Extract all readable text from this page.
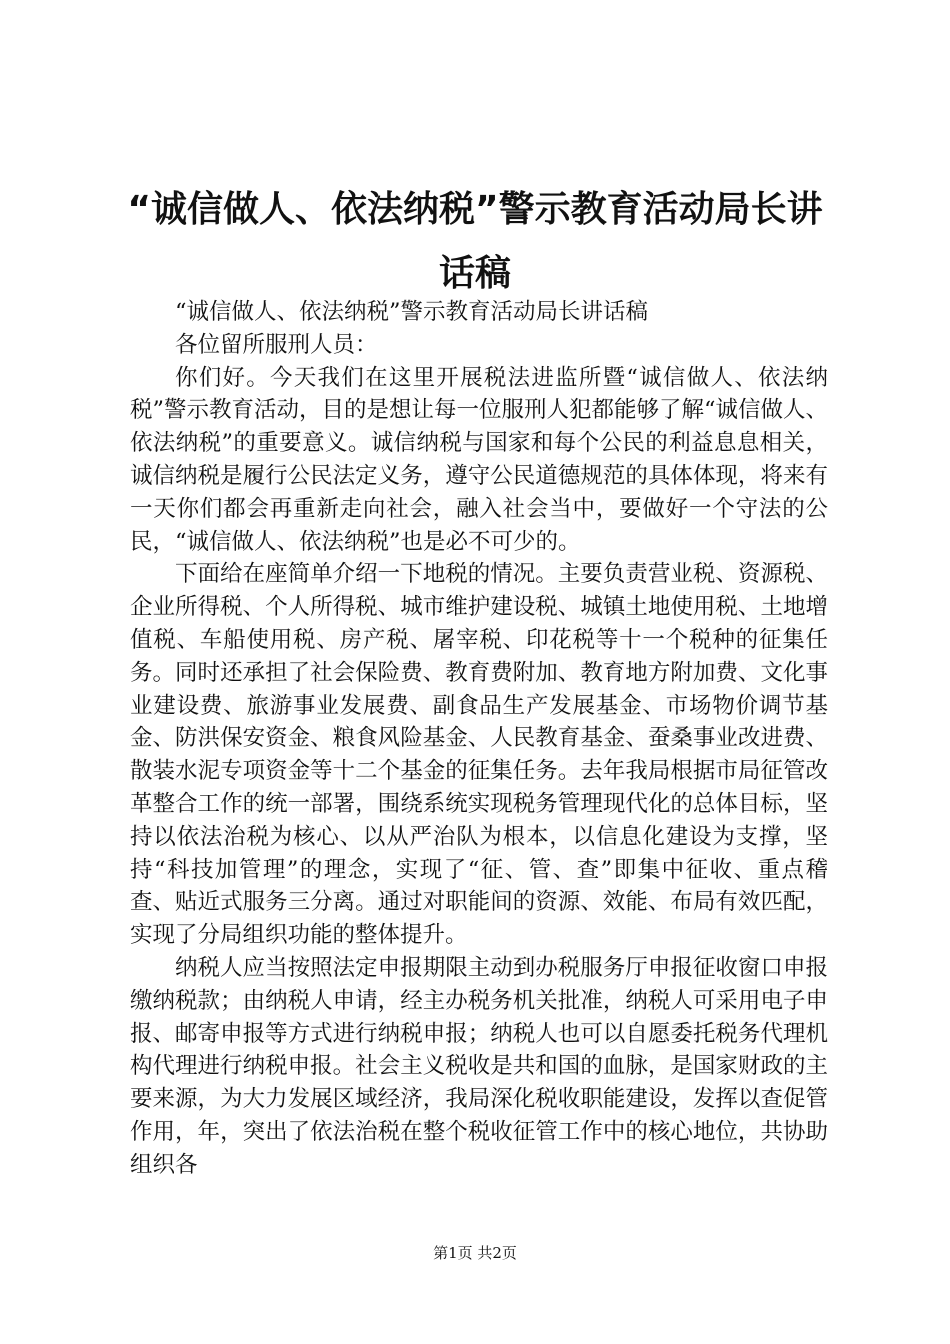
“诚信做人、依法纳税”警示教育活动局长讲话稿

“诚信做人、依法纳税”警示教育活动局长讲话稿

各位留所服刑人员：

你们好。今天我们在这里开展税法进监所暨“诚信做人、依法纳税”警示教育活动，目的是想让每一位服刑人犯都能够了解“诚信做人、依法纳税”的重要意义。诚信纳税与国家和每个公民的利益息息相关，诚信纳税是履行公民法定义务，遵守公民道德规范的具体体现，将来有一天你们都会再重新走向社会，融入社会当中，要做好一个守法的公民，“诚信做人、依法纳税”也是必不可少的。

下面给在座简单介绍一下地税的情况。主要负责营业税、资源税、企业所得税、个人所得税、城市维护建设税、城镇土地使用税、土地增值税、车船使用税、房产税、屠宰税、印花税等十一个税种的征集任务。同时还承担了社会保险费、教育费附加、教育地方附加费、文化事业建设费、旅游事业发展费、副食品生产发展基金、市场物价调节基金、防洪保安资金、粮食风险基金、人民教育基金、蚕桑事业改进费、散装水泥专项资金等十二个基金的征集任务。去年我局根据市局征管改革整合工作的统一部署，围绕系统实现税务管理现代化的总体目标，坚持以依法治税为核心、以从严治队为根本，以信息化建设为支撑，坚持“科技加管理”的理念，实现了“征、管、查”即集中征收、重点稽查、贴近式服务三分离。通过对职能间的资源、效能、布局有效匹配，实现了分局组织功能的整体提升。

纳税人应当按照法定申报期限主动到办税服务厅申报征收窗口申报缴纳税款；由纳税人申请，经主办税务机关批准，纳税人可采用电子申报、邮寄申报等方式进行纳税申报；纳税人也可以自愿委托税务代理机构代理进行纳税申报。社会主义税收是共和国的血脉，是国家财政的主要来源，为大力发展区域经济，我局深化税收职能建设，发挥以查促管作用，年，突出了依法治税在整个税收征管工作中的核心地位，共协助组织各

第1页 共2页
